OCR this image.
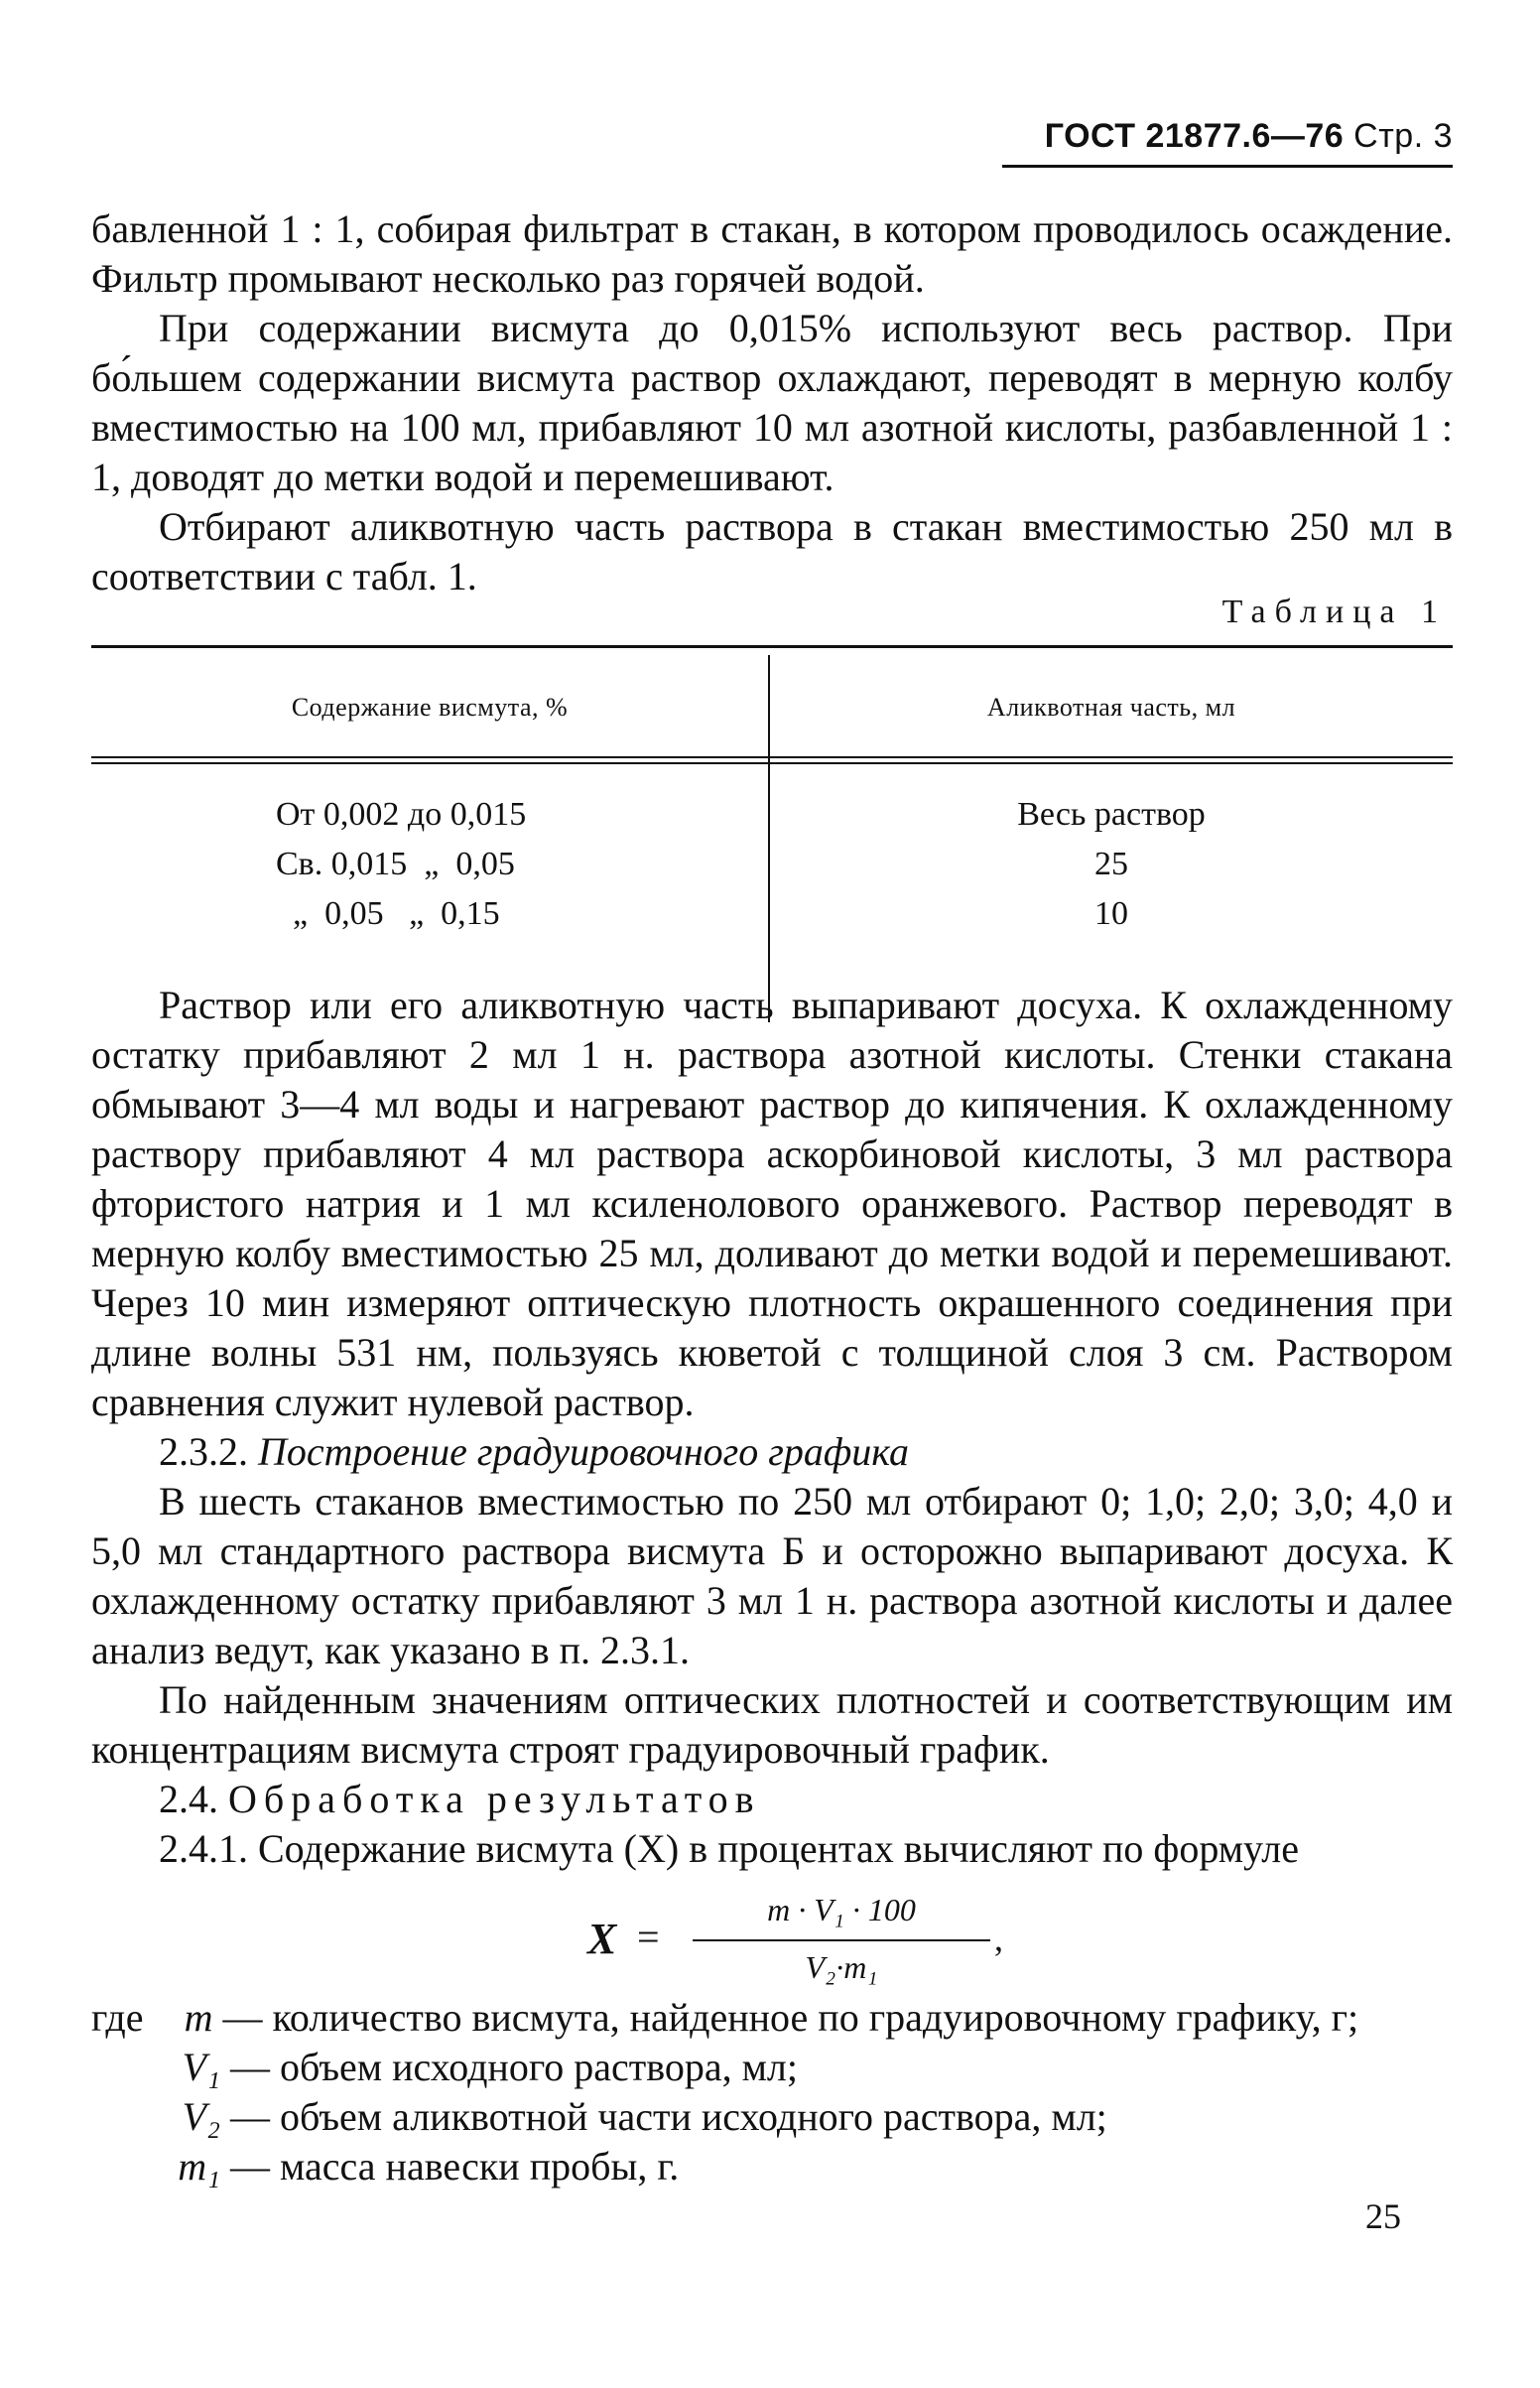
ГОСТ 21877.6—76 Стр. 3

бавленной 1 : 1, собирая фильтрат в стакан, в котором проводилось осаждение. Фильтр промывают несколько раз горячей водой.

При содержании висмута до 0,015% используют весь раствор. При бо́льшем содержании висмута раствор охлаждают, переводят в мерную колбу вместимостью на 100 мл, прибавляют 10 мл азотной кислоты, разбавленной 1 : 1, доводят до метки водой и перемешивают.

Отбирают аликвотную часть раствора в стакан вместимостью 250 мл в соответствии с табл. 1.

Таблица 1
Содержание висмута, %	Аликвотная часть, мл
От 0,002 до 0,015	Весь раствор
Св. 0,015  „  0,05	25
„  0,05   „  0,15	10

Раствор или его аликвотную часть выпаривают досуха. К охлажденному остатку прибавляют 2 мл 1 н. раствора азотной кислоты. Стенки стакана обмывают 3—4 мл воды и нагревают раствор до кипячения. К охлажденному раствору прибавляют 4 мл раствора аскорбиновой кислоты, 3 мл раствора фтористого натрия и 1 мл ксиленолового оранжевого. Раствор переводят в мерную колбу вместимостью 25 мл, доливают до метки водой и перемешивают. Через 10 мин измеряют оптическую плотность окрашенного соединения при длине волны 531 нм, пользуясь кюветой с толщиной слоя 3 см. Раствором сравнения служит нулевой раствор.

2.3.2. Построение градуировочного графика

В шесть стаканов вместимостью по 250 мл отбирают 0; 1,0; 2,0; 3,0; 4,0 и 5,0 мл стандартного раствора висмута Б и осторожно выпаривают досуха. К охлажденному остатку прибавляют 3 мл 1 н. раствора азотной кислоты и далее анализ ведут, как указано в п. 2.3.1.

По найденным значениям оптических плотностей и соответствующим им концентрациям висмута строят градуировочный график.

2.4. Обработка результатов

2.4.1. Содержание висмута (X) в процентах вычисляют по формуле

X =
m · V₁ · 100
V₂·m₁
,
где m — количество висмута, найденное по градуировочному графику, г;
V₁ — объем исходного раствора, мл;
V₂ — объем аликвотной части исходного раствора, мл;
m₁ — масса навески пробы, г.
25
